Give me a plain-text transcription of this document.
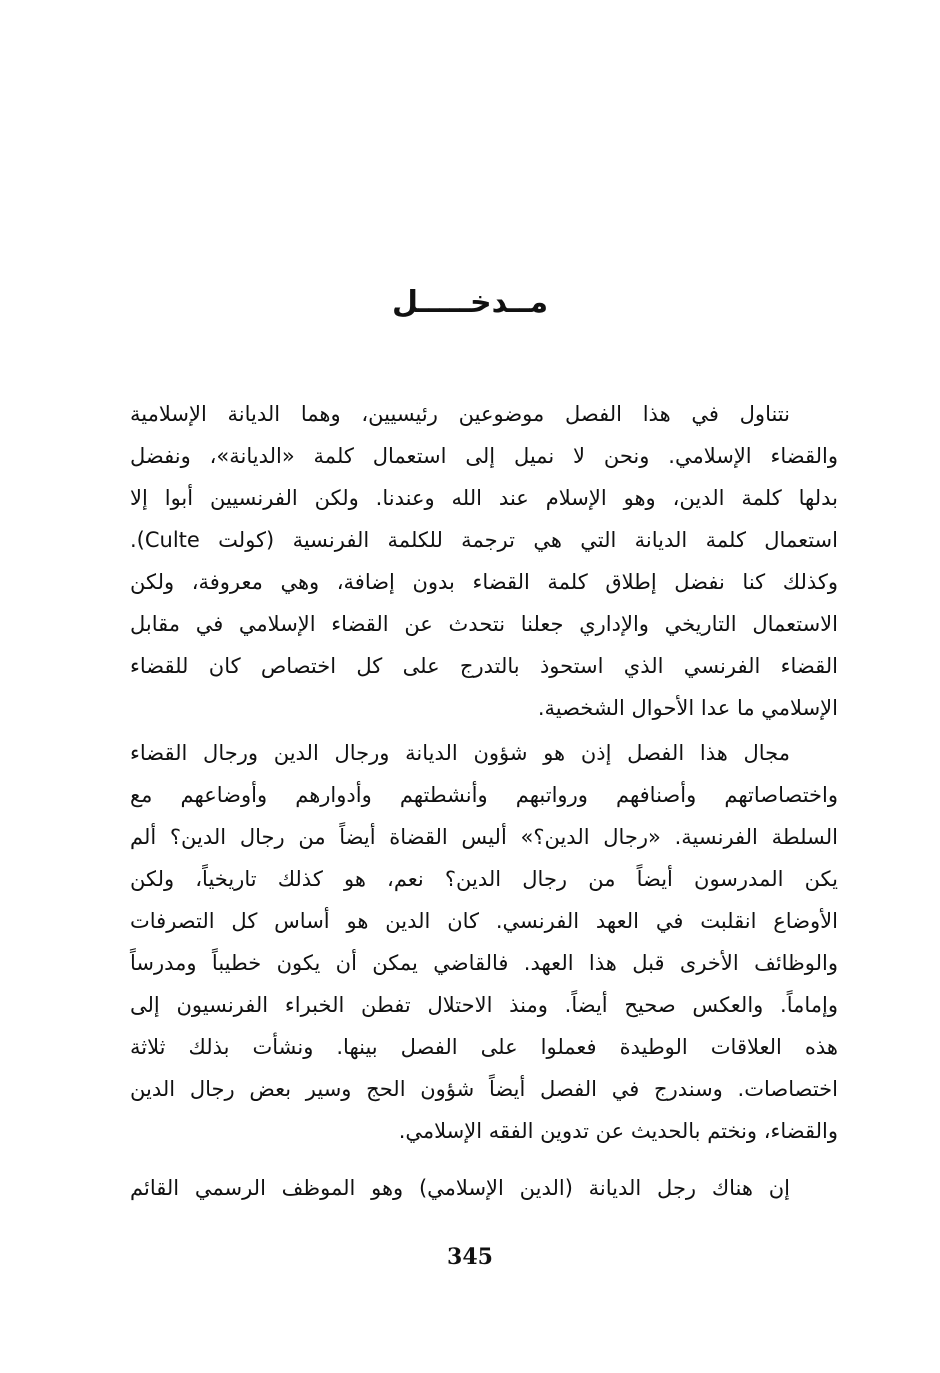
مــدخـــــل

نتناول في هذا الفصل موضوعين رئيسيين، وهما الديانة الإسلامية
والقضاء الإسلامي. ونحن لا نميل إلى استعمال كلمة «الديانة»، ونفضل
بدلها كلمة الدين، وهو الإسلام عند الله وعندنا. ولكن الفرنسيين أبوا إلا
استعمال كلمة الديانة التي هي ترجمة للكلمة الفرنسية (كولت Culte).
وكذلك كنا نفضل إطلاق كلمة القضاء بدون إضافة، وهي معروفة، ولكن
الاستعمال التاريخي والإداري جعلنا نتحدث عن القضاء الإسلامي في مقابل
القضاء الفرنسي الذي استحوذ بالتدرج على كل اختصاص كان للقضاء
الإسلامي ما عدا الأحوال الشخصية.

مجال هذا الفصل إذن هو شؤون الديانة ورجال الدين ورجال القضاء
واختصاصاتهم وأصنافهم ورواتبهم وأنشطتهم وأدوارهم وأوضاعهم مع
السلطة الفرنسية. «رجال الدين؟» أليس القضاة أيضاً من رجال الدين؟ ألم
يكن المدرسون أيضاً من رجال الدين؟ نعم، هو كذلك تاريخياً، ولكن
الأوضاع انقلبت في العهد الفرنسي. كان الدين هو أساس كل التصرفات
والوظائف الأخرى قبل هذا العهد. فالقاضي يمكن أن يكون خطيباً ومدرساً
وإماماً. والعكس صحيح أيضاً. ومنذ الاحتلال تفطن الخبراء الفرنسيون إلى
هذه العلاقات الوطيدة فعملوا على الفصل بينها. ونشأت بذلك ثلاثة
اختصاصات. وسندرج في الفصل أيضاً شؤون الحج وسير بعض رجال الدين
والقضاء، ونختم بالحديث عن تدوين الفقه الإسلامي.

إن هناك رجل الديانة (الدين الإسلامي) وهو الموظف الرسمي القائم

345
